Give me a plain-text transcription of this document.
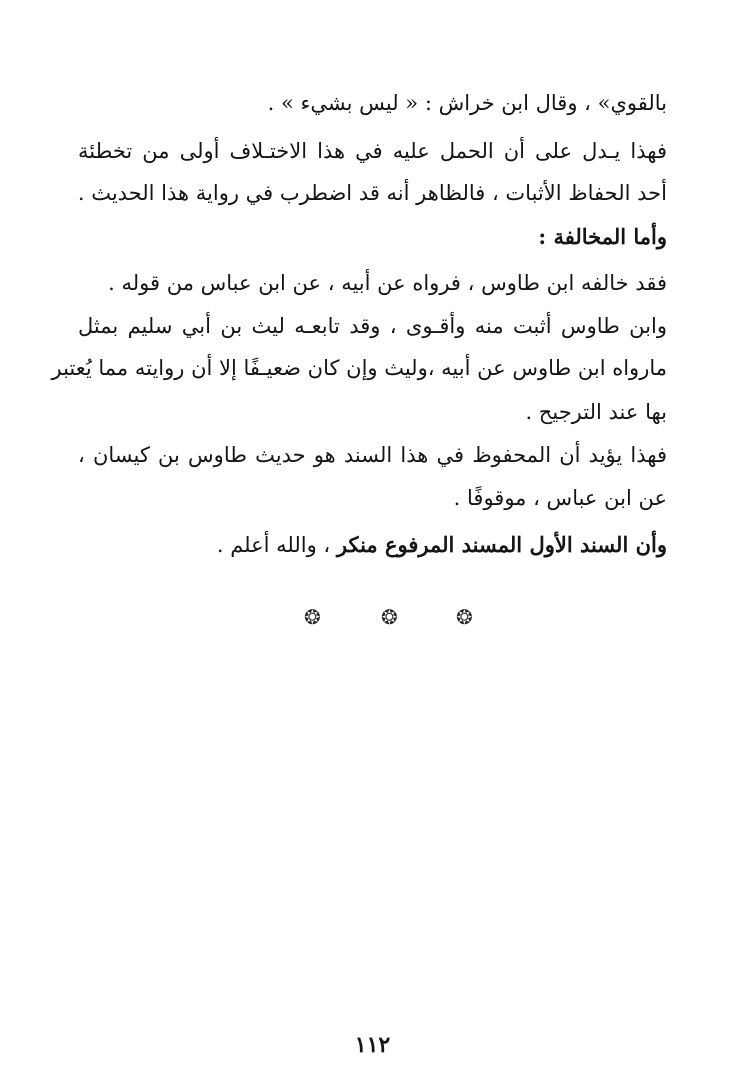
بالقوي» ، وقال ابن خراش : « ليس بشيء » .

فهذا يـدل على أن الحمل عليه في هذا الاختـلاف أولى من تخطئة

أحد الحفاظ الأثبات ، فالظاهر أنه قد اضطرب في رواية هذا الحديث .

وأما المخالفة :

فقد خالفه ابن طاوس ، فرواه عن أبيه ، عن ابن عباس من قوله .

وابن طاوس أثبت منه وأقـوى ، وقد تابعـه ليث بن أبي سليم بمثل

مارواه ابن طاوس عن أبيه ،وليث وإن كان ضعيـفًا إلا أن روايته مما يُعتبر

بها عند الترجيح .

فهذا يؤيد أن المحفوظ في هذا السند هو حديث طاوس بن كيسان ،

عن ابن عباس ، موقوفًا .

وأن السند الأول المسند المرفوع منكر ، والله أعلم .

❂	❂	❂
١١٢
